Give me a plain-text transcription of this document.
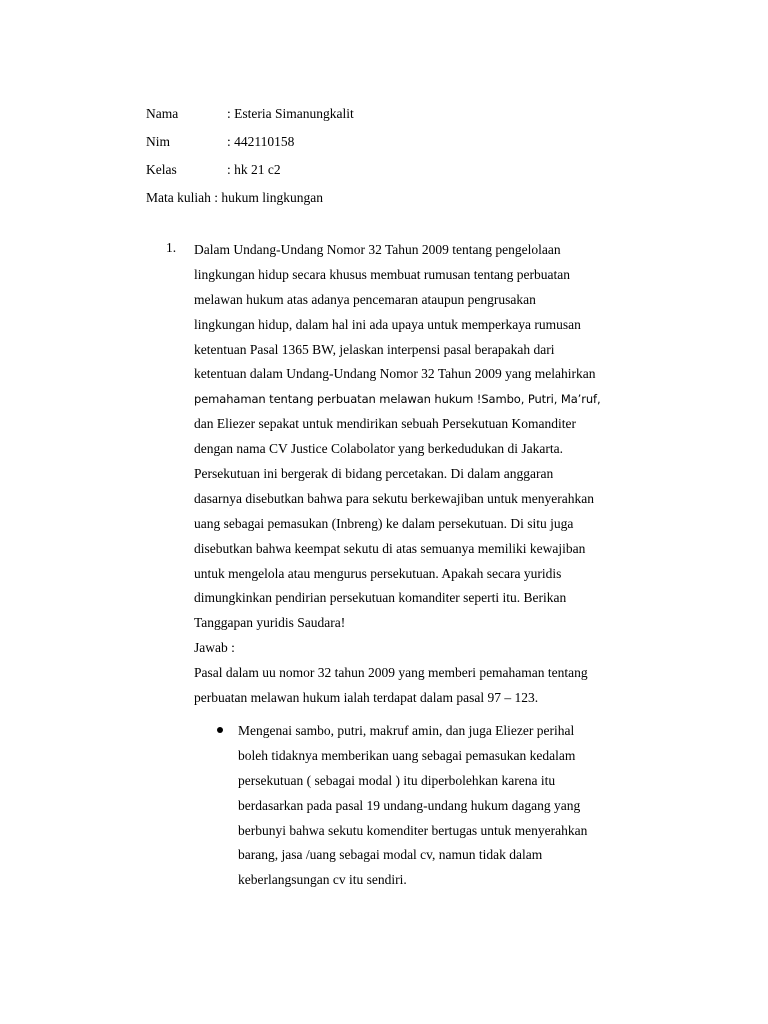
Nama	: Esteria Simanungkalit
Nim	: 442110158
Kelas	: hk 21 c2
Mata kuliah : hukum lingkungan
1. Dalam Undang-Undang Nomor 32 Tahun 2009 tentang pengelolaan
lingkungan hidup secara khusus membuat rumusan tentang perbuatan
melawan hukum atas adanya pencemaran ataupun pengrusakan
lingkungan hidup, dalam hal ini ada upaya untuk memperkaya rumusan
ketentuan Pasal 1365 BW, jelaskan interpensi pasal berapakah dari
ketentuan dalam Undang-Undang Nomor 32 Tahun 2009 yang melahirkan
pemahaman tentang perbuatan melawan hukum !Sambo, Putri, Ma’ruf,
dan Eliezer sepakat untuk mendirikan sebuah Persekutuan Komanditer
dengan nama CV Justice Colabolator yang berkedudukan di Jakarta.
Persekutuan ini bergerak di bidang percetakan. Di dalam anggaran
dasarnya disebutkan bahwa para sekutu berkewajiban untuk menyerahkan
uang sebagai pemasukan (Inbreng) ke dalam persekutuan. Di situ juga
disebutkan bahwa keempat sekutu di atas semuanya memiliki kewajiban
untuk mengelola atau mengurus persekutuan. Apakah secara yuridis
dimungkinkan pendirian persekutuan komanditer seperti itu. Berikan
Tanggapan yuridis Saudara!
Jawab :
Pasal dalam uu nomor 32 tahun 2009 yang memberi pemahaman tentang
perbuatan melawan hukum ialah terdapat dalam pasal 97 – 123.
Mengenai sambo, putri, makruf amin, dan juga Eliezer perihal
boleh tidaknya memberikan uang sebagai pemasukan kedalam
persekutuan ( sebagai modal ) itu diperbolehkan karena itu
berdasarkan pada pasal 19 undang-undang hukum dagang yang
berbunyi bahwa sekutu komenditer bertugas untuk menyerahkan
barang, jasa /uang sebagai modal cv, namun tidak dalam
keberlangsungan cv itu sendiri.
